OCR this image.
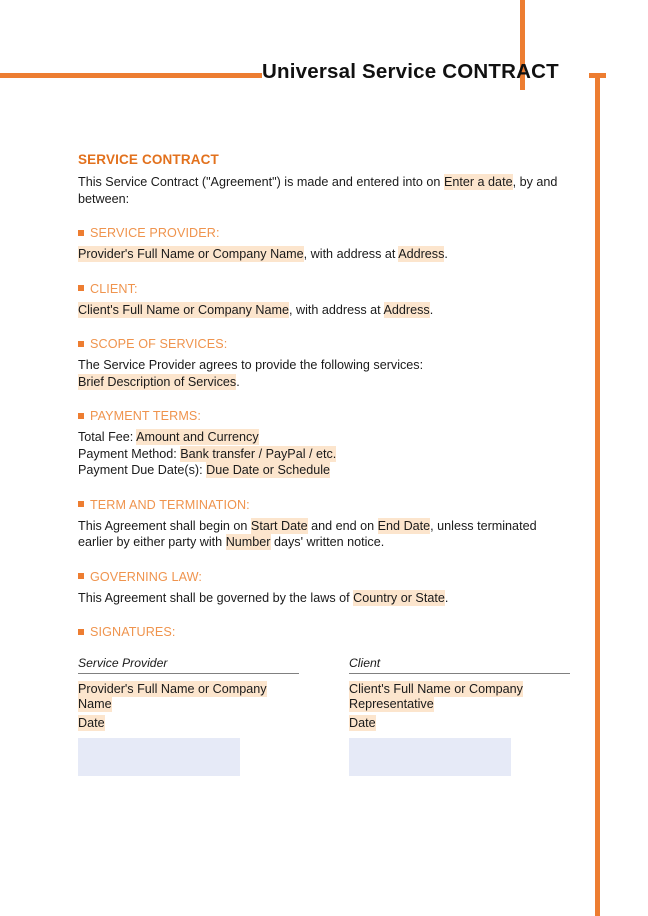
Universal Service CONTRACT
SERVICE CONTRACT

This Service Contract ("Agreement") is made and entered into on Enter a date, by and between:

SERVICE PROVIDER:

Provider's Full Name or Company Name, with address at Address.

CLIENT:

Client's Full Name or Company Name, with address at Address.

SCOPE OF SERVICES:

The Service Provider agrees to provide the following services:

Brief Description of Services.

PAYMENT TERMS:

Total Fee: Amount and Currency

Payment Method: Bank transfer / PayPal / etc.

Payment Due Date(s): Due Date or Schedule

TERM AND TERMINATION:

This Agreement shall begin on Start Date and end on End Date, unless terminated earlier by either party with Number days' written notice.

GOVERNING LAW:

This Agreement shall be governed by the laws of Country or State.

SIGNATURES:
Service Provider
Provider's Full Name or Company Name
Date
Client
Client's Full Name or Company Representative
Date
